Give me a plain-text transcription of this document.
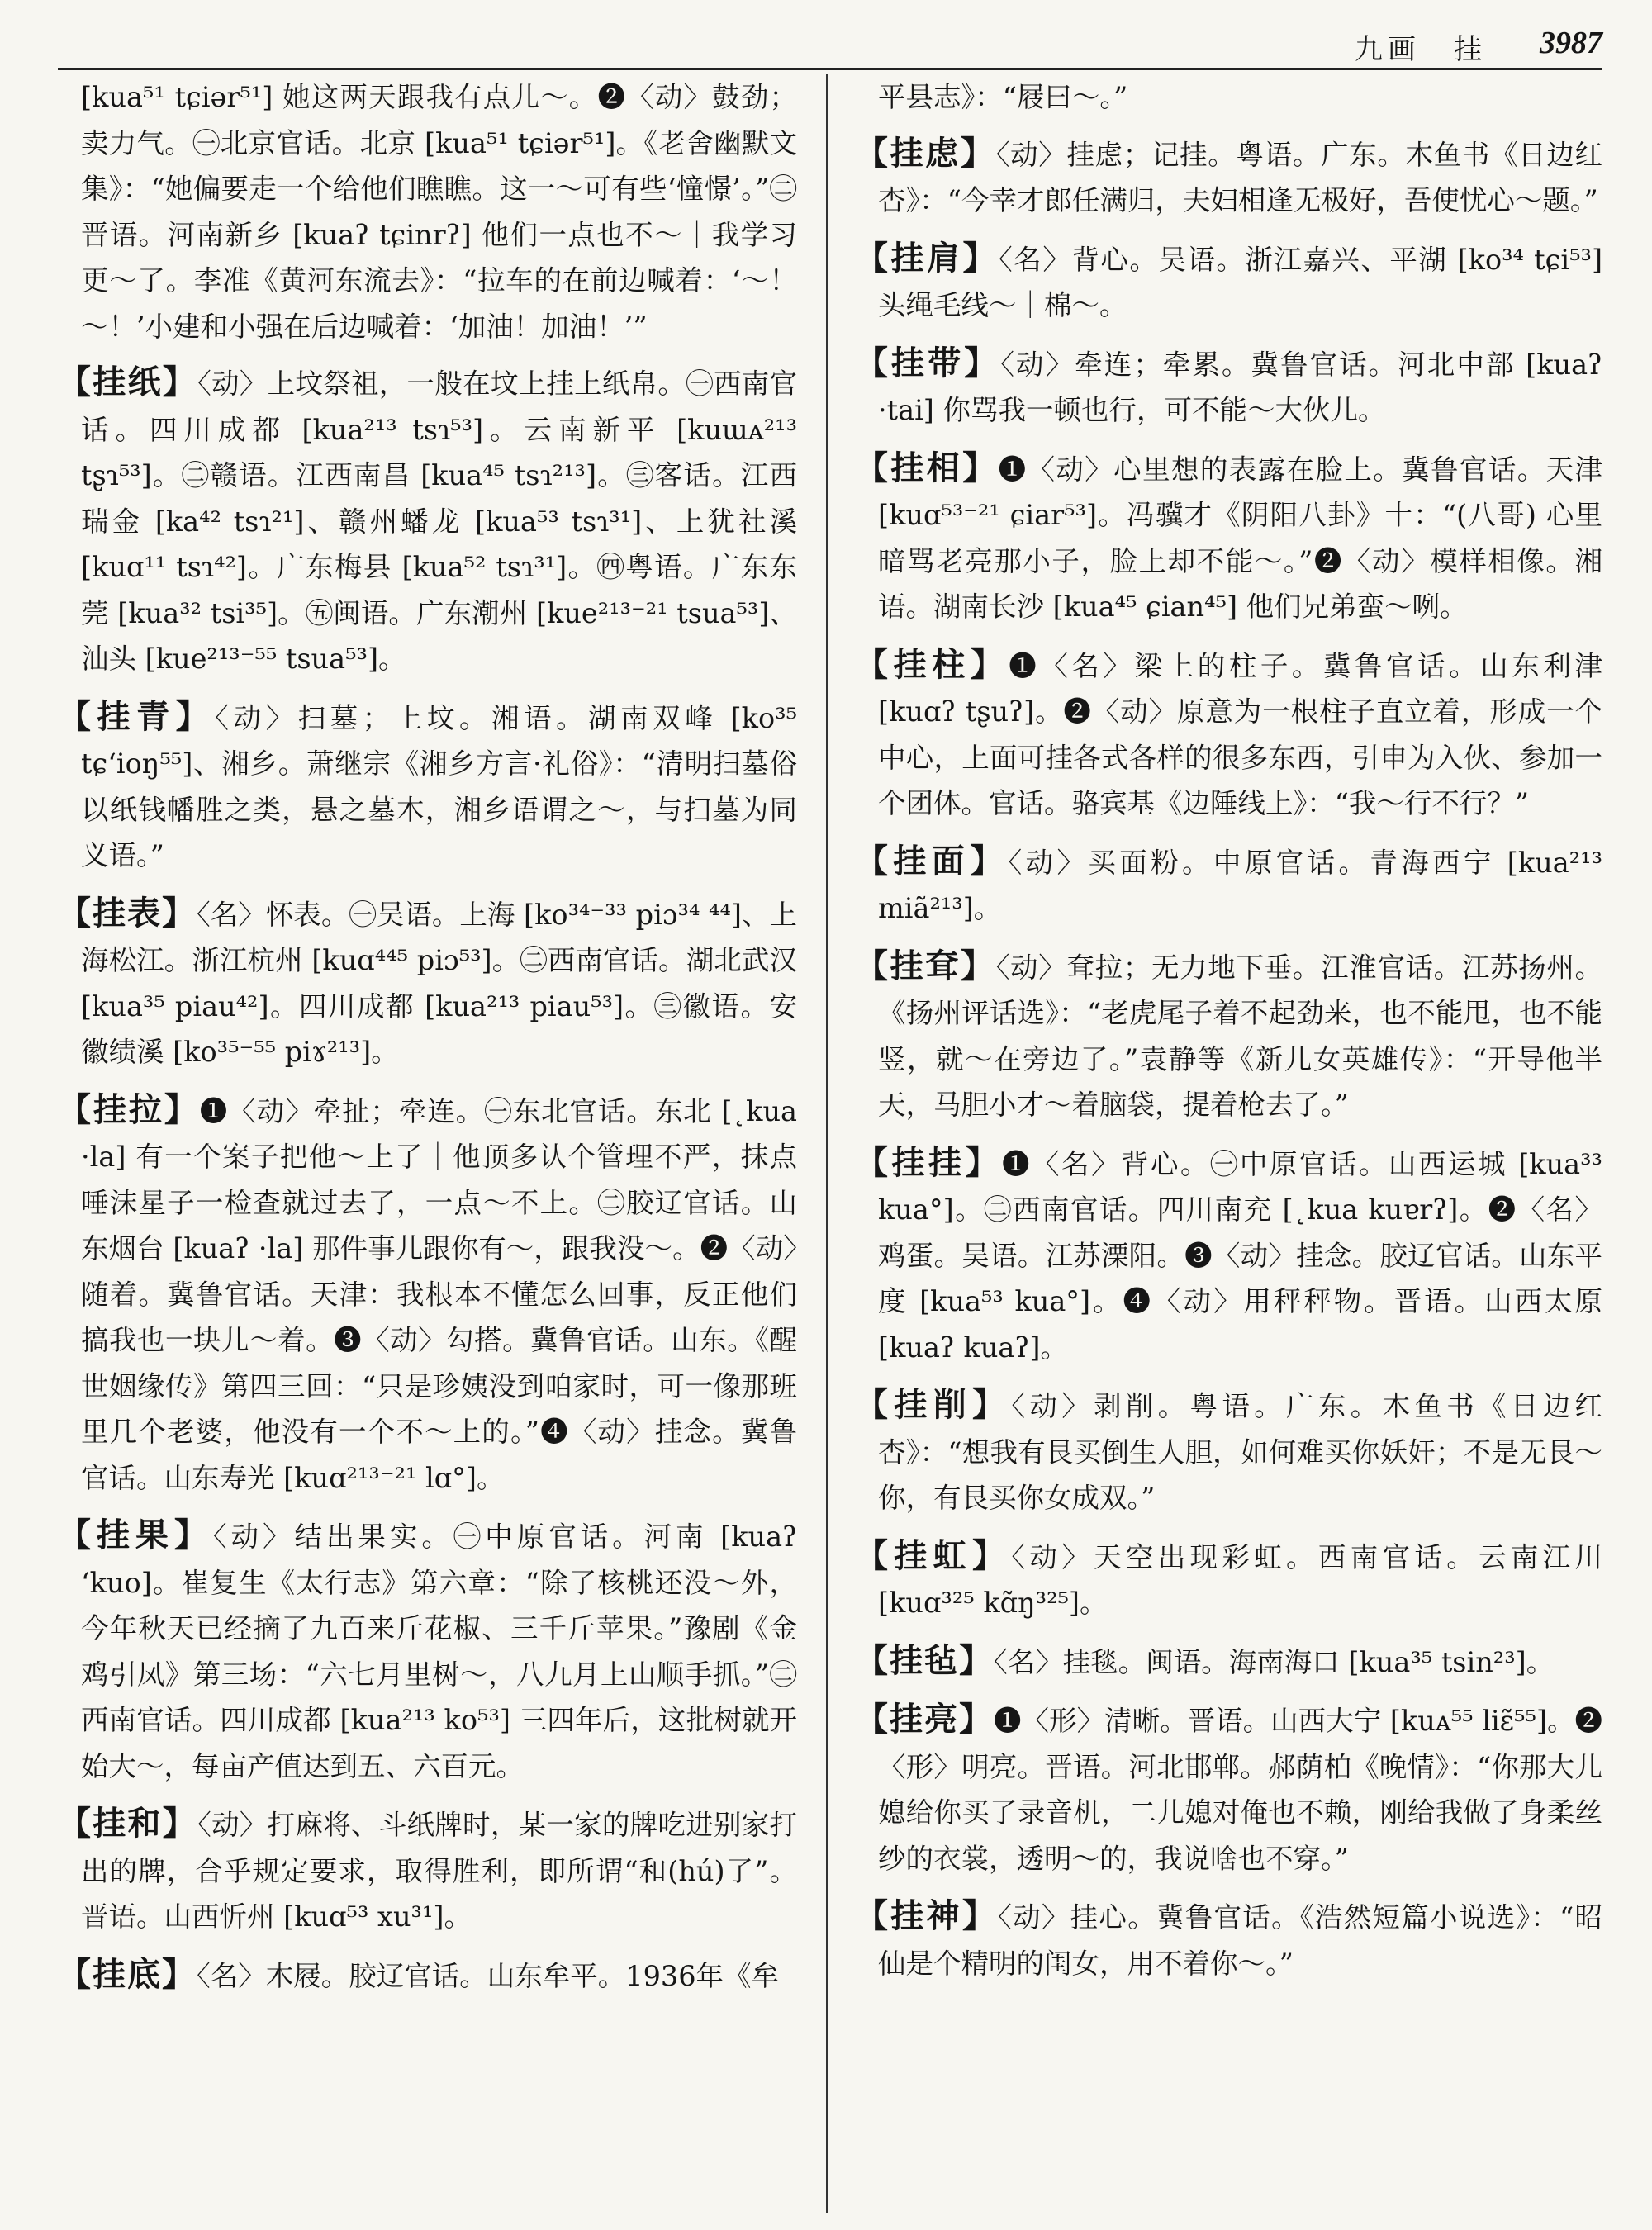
九画　挂 3987

[kua⁵¹ tɕiər⁵¹] 她这两天跟我有点儿～。❷〈动〉鼓劲；卖力气。㊀北京官话。北京 [kua⁵¹ tɕiər⁵¹]。《老舍幽默文集》：“她偏要走一个给他们瞧瞧。这一～可有些‘憧憬’。”㊁晋语。河南新乡 [kuaʔ tɕinrʔ] 他们一点也不～｜我学习更～了。李准《黄河东流去》：“拉车的在前边喊着：‘～！～！’小建和小强在后边喊着：‘加油！加油！’”

【挂纸】〈动〉上坟祭祖，一般在坟上挂上纸帛。㊀西南官话。四川成都 [kua²¹³ tsɿ⁵³]。云南新平 [kuɯᴀ²¹³ tʂɿ⁵³]。㊁赣语。江西南昌 [kua⁴⁵ tsɿ²¹³]。㊂客话。江西瑞金 [ka⁴² tsɿ²¹]、赣州蟠龙 [kua⁵³ tsɿ³¹]、上犹社溪 [kuɑ¹¹ tsɿ⁴²]。广东梅县 [kua⁵² tsɿ³¹]。㊃粤语。广东东莞 [kua³² tsi³⁵]。㊄闽语。广东潮州 [kue²¹³⁻²¹ tsua⁵³]、汕头 [kue²¹³⁻⁵⁵ tsua⁵³]。

【挂青】〈动〉扫墓；上坟。湘语。湖南双峰 [ko³⁵ tɕʻioŋ⁵⁵]、湘乡。萧继宗《湘乡方言·礼俗》：“清明扫墓俗以纸钱幡胜之类，悬之墓木，湘乡语谓之～，与扫墓为同义语。”

【挂表】〈名〉怀表。㊀吴语。上海 [ko³⁴⁻³³ piɔ³⁴ ⁴⁴]、上海松江。浙江杭州 [kuɑ⁴⁴⁵ piɔ⁵³]。㊁西南官话。湖北武汉 [kua³⁵ piau⁴²]。四川成都 [kua²¹³ piau⁵³]。㊂徽语。安徽绩溪 [ko³⁵⁻⁵⁵ piɤ²¹³]。

【挂拉】❶〈动〉牵扯；牵连。㊀东北官话。东北 [˛kua ·la] 有一个案子把他～上了｜他顶多认个管理不严，抹点唾沫星子一检查就过去了，一点～不上。㊁胶辽官话。山东烟台 [kuaʔ ·la] 那件事儿跟你有～，跟我没～。❷〈动〉随着。冀鲁官话。天津：我根本不懂怎么回事，反正他们搞我也一块儿～着。❸〈动〉勾搭。冀鲁官话。山东。《醒世姻缘传》第四三回：“只是珍姨没到咱家时，可一像那班里几个老婆，他没有一个不～上的。”❹〈动〉挂念。冀鲁官话。山东寿光 [kuɑ²¹³⁻²¹ lɑ°]。

【挂果】〈动〉结出果实。㊀中原官话。河南 [kuaʔ ʻkuo]。崔复生《太行志》第六章：“除了核桃还没～外，今年秋天已经摘了九百来斤花椒、三千斤苹果。”豫剧《金鸡引凤》第三场：“六七月里树～，八九月上山顺手抓。”㊁西南官话。四川成都 [kua²¹³ ko⁵³] 三四年后，这批树就开始大～，每亩产值达到五、六百元。

【挂和】〈动〉打麻将、斗纸牌时，某一家的牌吃进别家打出的牌，合乎规定要求，取得胜利，即所谓“和(hú)了”。晋语。山西忻州 [kuɑ⁵³ xu³¹]。

【挂底】〈名〉木屐。胶辽官话。山东牟平。1936年《牟

平县志》：“屐曰～。”

【挂虑】〈动〉挂虑；记挂。粤语。广东。木鱼书《日边红杏》：“今幸才郎任满归，夫妇相逢无极好，吾使忧心～题。”

【挂肩】〈名〉背心。吴语。浙江嘉兴、平湖 [ko³⁴ tɕi⁵³] 头绳毛线～｜棉～。

【挂带】〈动〉牵连；牵累。冀鲁官话。河北中部 [kuaʔ ·tai] 你骂我一顿也行，可不能～大伙儿。

【挂相】❶〈动〉心里想的表露在脸上。冀鲁官话。天津 [kuɑ⁵³⁻²¹ ɕiar⁵³]。冯骥才《阴阳八卦》十：“(八哥) 心里暗骂老亮那小子，脸上却不能～。”❷〈动〉模样相像。湘语。湖南长沙 [kua⁴⁵ ɕian⁴⁵] 他们兄弟蛮～咧。

【挂柱】❶〈名〉梁上的柱子。冀鲁官话。山东利津 [kuɑʔ tʂuʔ]。❷〈动〉原意为一根柱子直立着，形成一个中心，上面可挂各式各样的很多东西，引申为入伙、参加一个团体。官话。骆宾基《边陲线上》：“我～行不行？”

【挂面】〈动〉买面粉。中原官话。青海西宁 [kua²¹³ miã²¹³]。

【挂耷】〈动〉耷拉；无力地下垂。江淮官话。江苏扬州。《扬州评话选》：“老虎尾子着不起劲来，也不能甩，也不能竖，就～在旁边了。”袁静等《新儿女英雄传》：“开导他半天，马胆小才～着脑袋，提着枪去了。”

【挂挂】❶〈名〉背心。㊀中原官话。山西运城 [kua³³ kua°]。㊁西南官话。四川南充 [˛kua kuɐrʔ]。❷〈名〉鸡蛋。吴语。江苏溧阳。❸〈动〉挂念。胶辽官话。山东平度 [kua⁵³ kua°]。❹〈动〉用秤秤物。晋语。山西太原 [kuaʔ kuaʔ]。

【挂削】〈动〉剥削。粤语。广东。木鱼书《日边红杏》：“想我有艮买倒生人胆，如何难买你妖奸；不是无艮～你，有艮买你女成双。”

【挂虹】〈动〉天空出现彩虹。西南官话。云南江川 [kuɑ³²⁵ kɑ̃ŋ³²⁵]。

【挂毡】〈名〉挂毯。闽语。海南海口 [kua³⁵ tsin²³]。

【挂亮】❶〈形〉清晰。晋语。山西大宁 [kuᴀ⁵⁵ liɛ̃⁵⁵]。❷〈形〉明亮。晋语。河北邯郸。郝荫柏《晚情》：“你那大儿媳给你买了录音机，二儿媳对俺也不赖，刚给我做了身柔丝纱的衣裳，透明～的，我说啥也不穿。”

【挂神】〈动〉挂心。冀鲁官话。《浩然短篇小说选》：“昭仙是个精明的闺女，用不着你～。”
